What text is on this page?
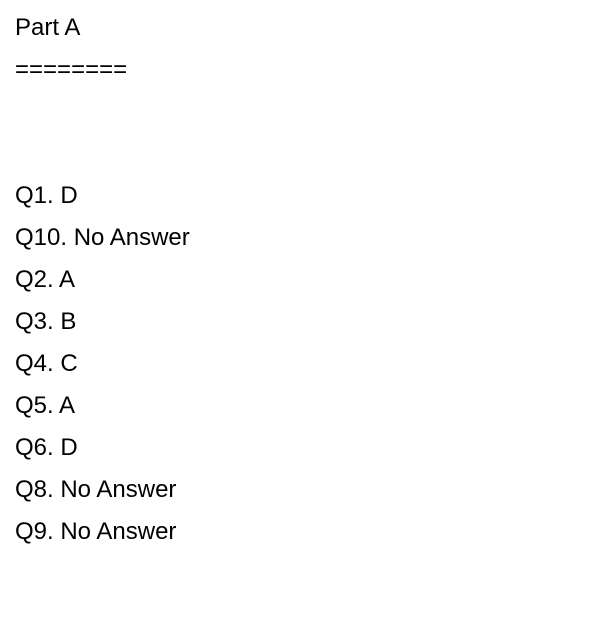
Part A
========
Q1. D
Q10. No Answer
Q2. A
Q3. B
Q4. C
Q5. A
Q6. D
Q8. No Answer
Q9. No Answer
